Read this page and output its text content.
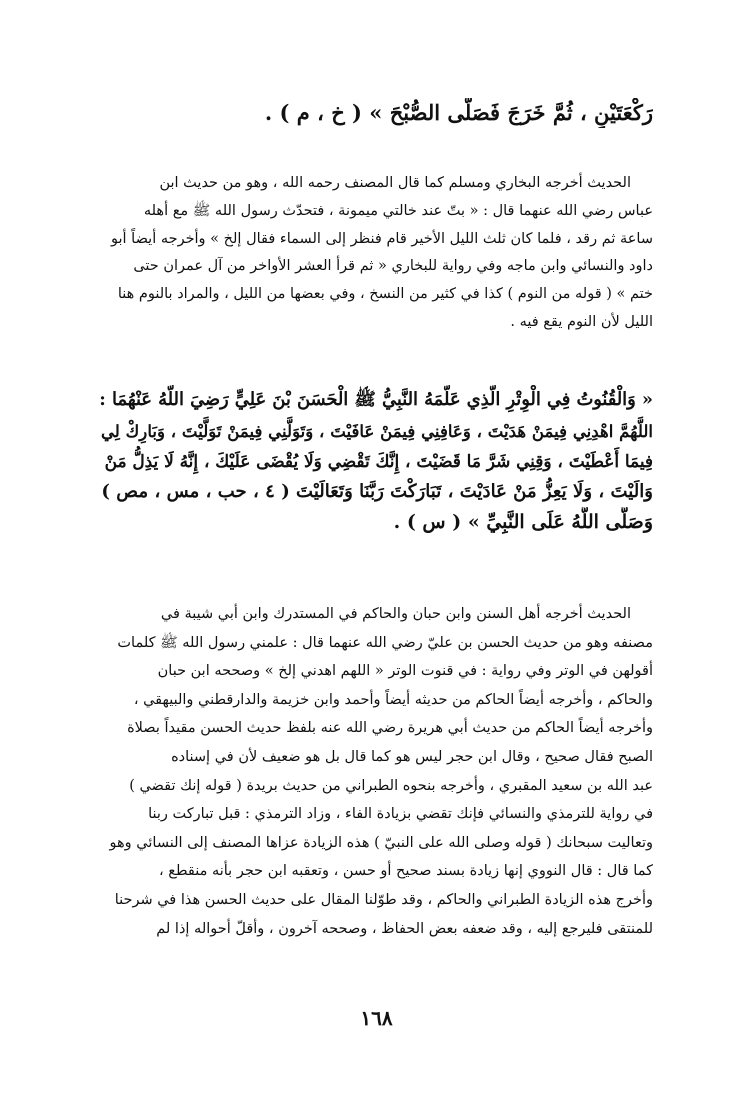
رَكْعَتَيْنِ ، ثُمَّ خَرَجَ فَصَلَّى الصُّبْحَ » ( خ ، م ) .
الحديث أخرجه البخاري ومسلم كما قال المصنف رحمه الله ، وهو من حديث ابن
عباس رضي الله عنهما قال : « بتّ عند خالتي ميمونة ، فتحدّث رسول الله ﷺ مع أهله
ساعة ثم رقد ، فلما كان ثلث الليل الأخير قام فنظر إلى السماء فقال إلخ » وأخرجه أيضاً أبو
داود والنسائي وابن ماجه وفي رواية للبخاري « ثم قرأ العشر الأواخر من آل عمران حتى
ختم » ( قوله من النوم ) كذا في كثير من النسخ ، وفي بعضها من الليل ، والمراد بالنوم هنا
الليل لأن النوم يقع فيه .
« وَالْقُنُوتُ فِي الْوِتْرِ الَّذِي عَلَّمَهُ النَّبِيُّ ﷺ الْحَسَنَ بْنَ عَلِيٍّ رَضِيَ اللَّهُ عَنْهُمَا :
اللَّهُمَّ اهْدِنِي فِيمَنْ هَدَيْتَ ، وَعَافِنِي فِيمَنْ عَافَيْتَ ، وَتَوَلَّنِي فِيمَنْ تَوَلَّيْتَ ، وَبَارِكْ لِي
فِيمَا أَعْطَيْتَ ، وَقِنِي شَرَّ مَا قَضَيْتَ ، إِنَّكَ تَقْضِي وَلَا يُقْضَى عَلَيْكَ ، إِنَّهُ لَا يَذِلُّ مَنْ
وَالَيْتَ ، وَلَا يَعِزُّ مَنْ عَادَيْتَ ، تَبَارَكْتَ رَبَّنَا وَتَعَالَيْتَ ( ٤ ، حب ، مس ، مص )
وَصَلَّى اللَّهُ عَلَى النَّبِيِّ » ( س ) .
الحديث أخرجه أهل السنن وابن حبان والحاكم في المستدرك وابن أبي شيبة في
مصنفه وهو من حديث الحسن بن عليّ رضي الله عنهما قال : علمني رسول الله ﷺ كلمات
أقولهن في الوتر وفي رواية : في قنوت الوتر « اللهم اهدني إلخ » وصححه ابن حبان
والحاكم ، وأخرجه أيضاً الحاكم من حديثه أيضاً وأحمد وابن خزيمة والدارقطني والبيهقي ،
وأخرجه أيضاً الحاكم من حديث أبي هريرة رضي الله عنه بلفظ حديث الحسن مقيداً بصلاة
الصبح فقال صحيح ، وقال ابن حجر ليس هو كما قال بل هو ضعيف لأن في إسناده
عبد الله بن سعيد المقبري ، وأخرجه بنحوه الطبراني من حديث بريدة ( قوله إنك تقضي )
في رواية للترمذي والنسائي فإنك تقضي بزيادة الفاء ، وزاد الترمذي : قبل تباركت ربنا
وتعاليت سبحانك ( قوله وصلى الله على النبيّ ) هذه الزيادة عزاها المصنف إلى النسائي وهو
كما قال : قال النووي إنها زيادة بسند صحيح أو حسن ، وتعقبه ابن حجر بأنه منقطع ،
وأخرج هذه الزيادة الطبراني والحاكم ، وقد طوّلنا المقال على حديث الحسن هذا في شرحنا
للمنتقى فليرجع إليه ، وقد ضعفه بعض الحفاظ ، وصححه آخرون ، وأقلّ أحواله إذا لم
١٦٨
